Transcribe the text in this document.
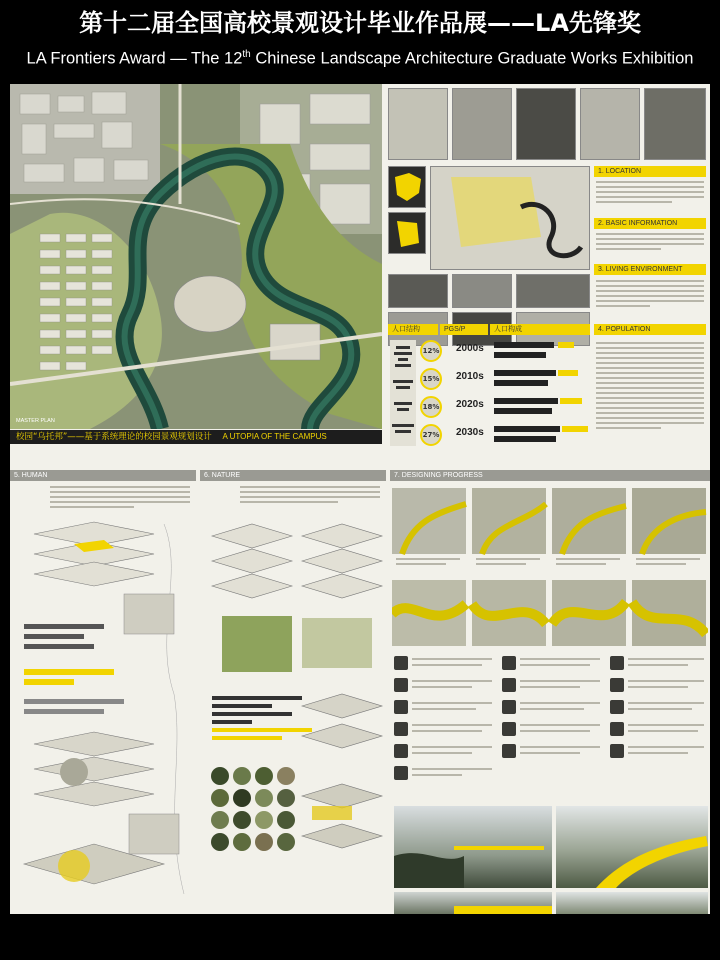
第十二届全国高校景观设计毕业作品展——LA先锋奖
LA Frontiers Award — The 12th Chinese Landscape Architecture Graduate Works Exhibition
MASTER PLAN
校园“乌托邦”——基于系统理论的校园景观规划设计 A UTOPIA OF THE CAMPUS
1. LOCATION
2. BASIC INFORMATION
3. LIVING ENVIRONMENT
人口结构	PGS/P	人口构成	4. POPULATION
12% 2000s
15% 2010s
18% 2020s
27% 2030s
5. HUMAN	6. NATURE	7. DESIGNING PROGRESS
